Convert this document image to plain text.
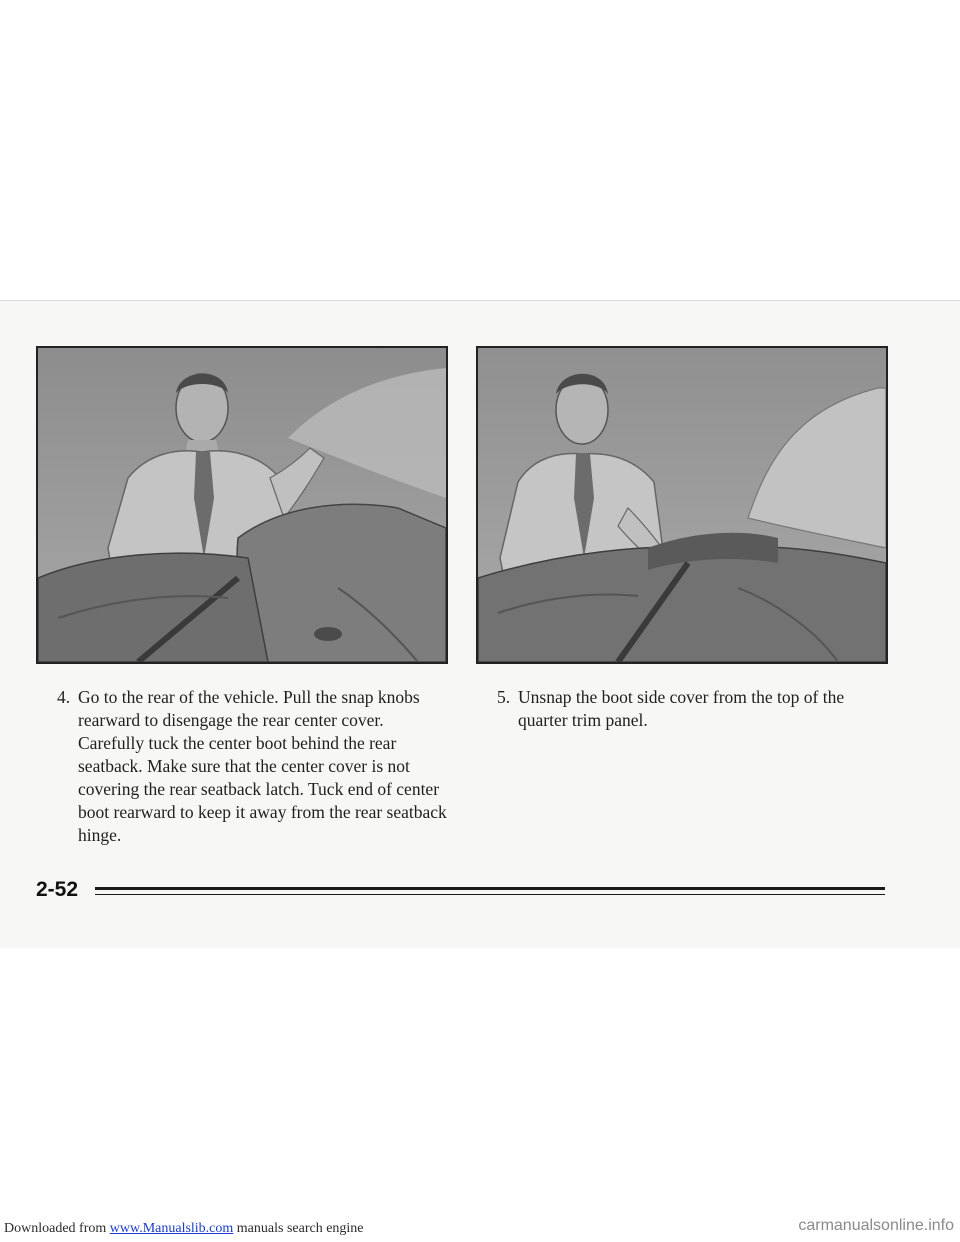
4. Go to the rear of the vehicle. Pull the snap knobs rearward to disengage the rear center cover. Carefully tuck the center boot behind the rear seatback. Make sure that the center cover is not covering the rear seatback latch. Tuck end of center boot rearward to keep it away from the rear seatback hinge.
5. Unsnap the boot side cover from the top of the quarter trim panel.
2-52
Downloaded from www.Manualslib.com manuals search engine	carmanualsonline.info
